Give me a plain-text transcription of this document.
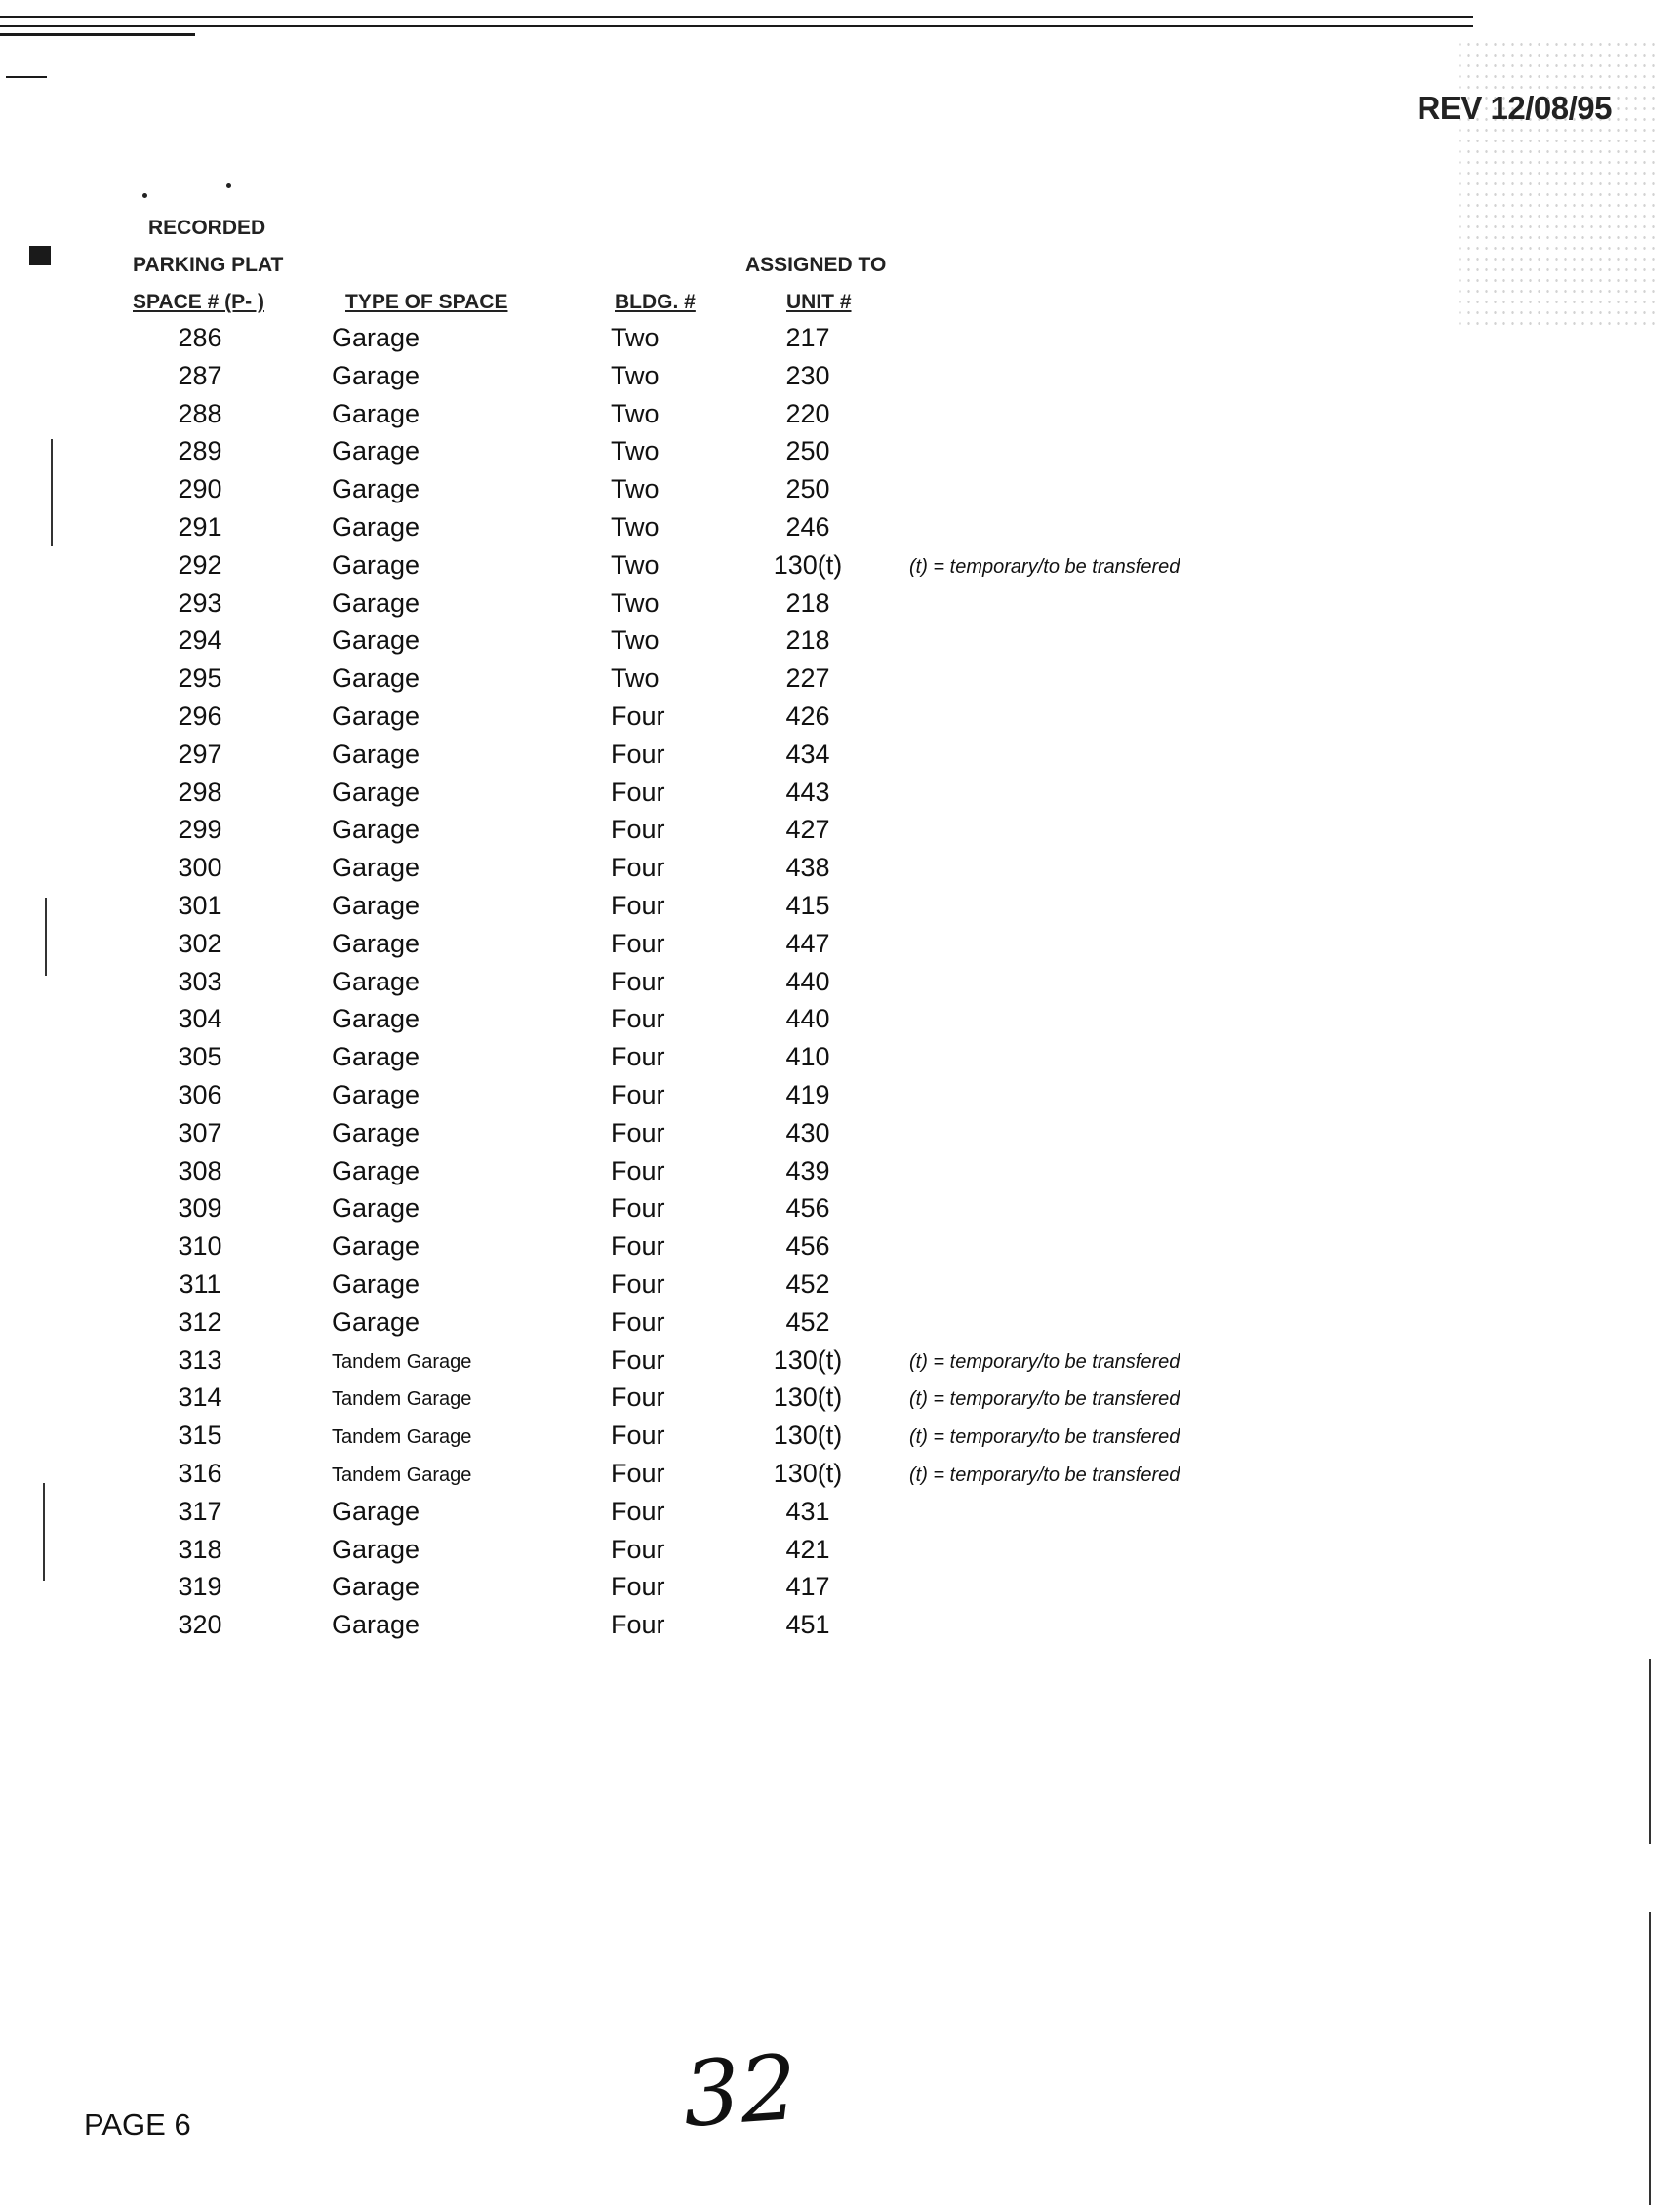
REV 12/08/95
RECORDED
PARKING PLAT
SPACE # (P- )	TYPE OF SPACE	BLDG. #
ASSIGNED TO
UNIT #
286	Garage	Two	217
287	Garage	Two	230
288	Garage	Two	220
289	Garage	Two	250
290	Garage	Two	250
291	Garage	Two	246
292	Garage	Two	130(t)	(t) = temporary/to be transfered
293	Garage	Two	218
294	Garage	Two	218
295	Garage	Two	227
296	Garage	Four	426
297	Garage	Four	434
298	Garage	Four	443
299	Garage	Four	427
300	Garage	Four	438
301	Garage	Four	415
302	Garage	Four	447
303	Garage	Four	440
304	Garage	Four	440
305	Garage	Four	410
306	Garage	Four	419
307	Garage	Four	430
308	Garage	Four	439
309	Garage	Four	456
310	Garage	Four	456
311	Garage	Four	452
312	Garage	Four	452
313	Tandem Garage	Four	130(t)	(t) = temporary/to be transfered
314	Tandem Garage	Four	130(t)	(t) = temporary/to be transfered
315	Tandem Garage	Four	130(t)	(t) = temporary/to be transfered
316	Tandem Garage	Four	130(t)	(t) = temporary/to be transfered
317	Garage	Four	431
318	Garage	Four	421
319	Garage	Four	417
320	Garage	Four	451
PAGE 6	32
